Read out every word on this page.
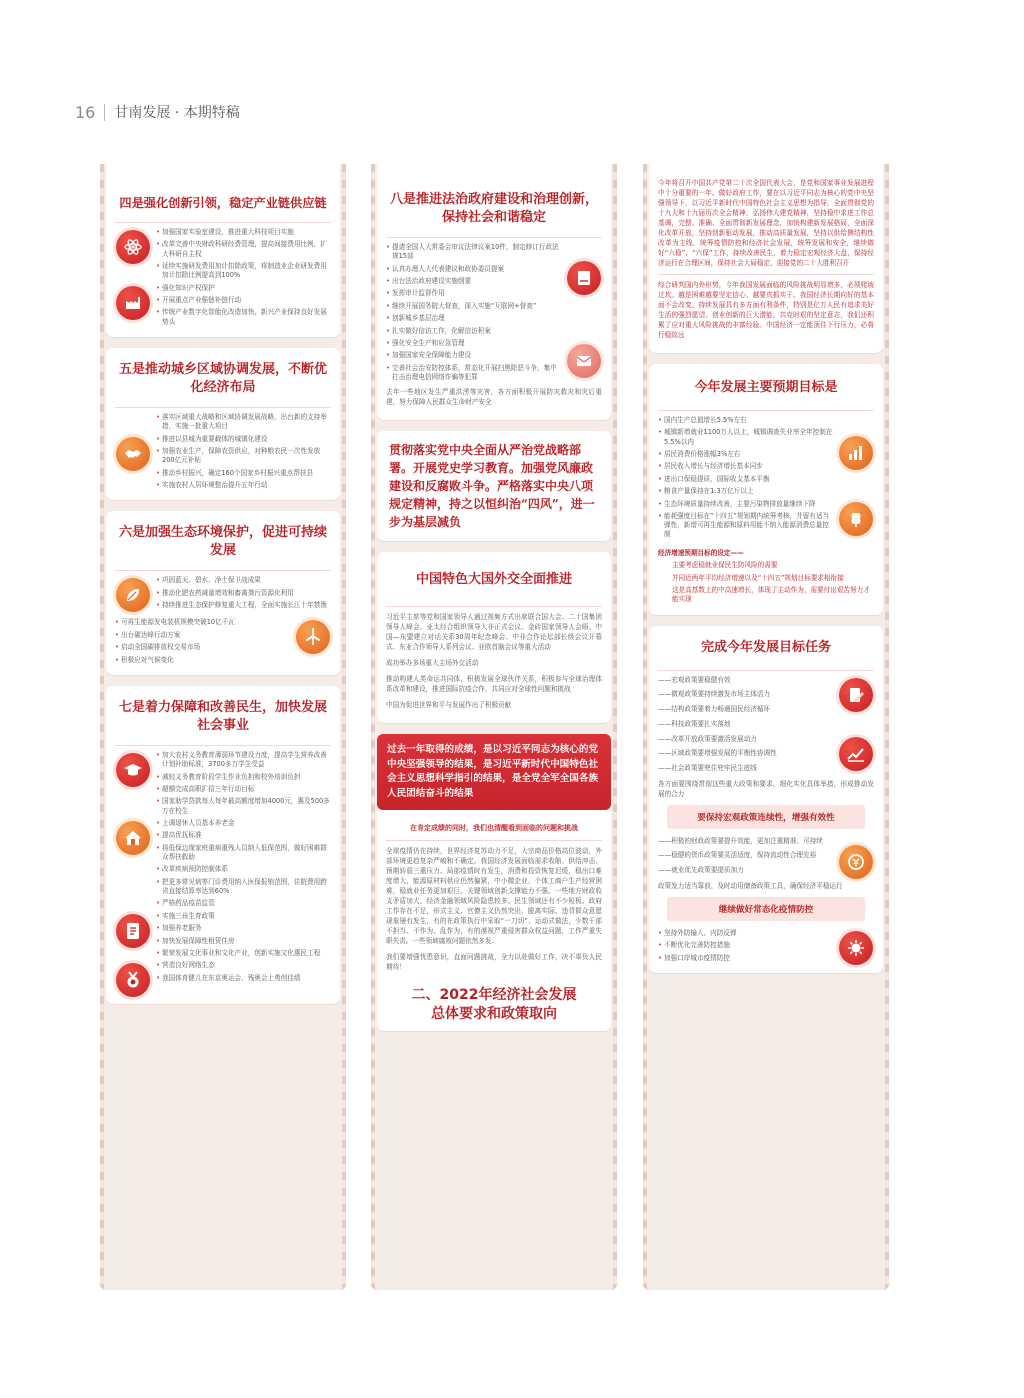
16 甘南发展 · 本期特稿
四是强化创新引领，稳定产业链供应链
• 加强国家实验室建设，推进重大科技项目实施
• 改革完善中央财政科研经费管理，提高间接费用比例，扩大科研自主权
• 延续实施研发费用加计扣除政策，将制造业企业研发费用加计扣除比例提高到100%
• 强化知识产权保护
• 开展重点产业强链补链行动
• 传统产业数字化智能化改造加快，新兴产业保持良好发展势头
五是推动城乡区域协调发展，不断优化经济布局
• 落实区域重大战略和区域协调发展战略，出台新的支持举措，实施一批重大项目
• 推进以县城为重要载体的城镇化建设
• 加强农业生产，保障农资供应，对种粮农民一次性发放200亿元补贴
• 推动乡村振兴，确定160个国家乡村振兴重点帮扶县
• 实施农村人居环境整治提升五年行动
六是加强生态环境保护，促进可持续发展
• 巩固蓝天、碧水、净土保卫战成果
• 推动化肥农药减量增效和畜禽粪污资源化利用
• 持续推进生态保护修复重大工程，全面实施长江十年禁渔
• 可再生能源发电装机规模突破10亿千瓦
• 出台碳达峰行动方案
• 启动全国碳排放权交易市场
• 积极应对气候变化
七是着力保障和改善民生，加快发展社会事业
• 加大农村义务教育薄弱环节建设力度，提高学生营养改善计划补助标准，3700多万学生受益
• 减轻义务教育阶段学生作业负担和校外培训负担
• 超额完成高职扩招三年行动目标
• 国家助学贷款每人每年最高额度增加4000元，惠及500多万在校生
• 上调退休人员基本养老金
• 提高优抚标准
• 将低保边缘家庭重病重残人员纳入低保范围，做好困难群众帮扶救助
• 改革疾病预防控制体系
• 把更多常见病等门诊费用纳入医保报销范围，住院费用跨省直接结算率达到60%
• 严格药品疫苗监管
• 实施三孩生育政策
• 加强养老服务
• 加快发展保障性租赁住房
• 繁荣发展文化事业和文化产业，创新实施文化惠民工程
• 营造良好网络生态
• 我国体育健儿在东京奥运会、残奥会上勇创佳绩
八是推进法治政府建设和治理创新，保持社会和谐稳定
• 提请全国人大常委会审议法律议案10件，制定修订行政法规15部
• 认真办理人大代表建议和政协委员提案
• 出台法治政府建设实施纲要
• 发挥审计监督作用
• 继续开展国务院大督查，深入实施“互联网+督查”
• 创新城乡基层治理
• 扎实做好信访工作，化解信访积案
• 强化安全生产和应急管理
• 加强国家安全保障能力建设
• 完善社会治安防控体系，常态化开展扫黑除恶斗争，集中打击治理电信网络诈骗等犯罪
去年一些地区发生严重洪涝等灾害，各方面积极开展防灾救灾和灾后重建，努力保障人民群众生命财产安全
贯彻落实党中央全面从严治党战略部署。开展党史学习教育。加强党风廉政建设和反腐败斗争。严格落实中央八项规定精神，持之以恒纠治“四风”，进一步为基层减负
中国特色大国外交全面推进
习近平主席等党和国家领导人通过视频方式出席联合国大会、二十国集团领导人峰会、亚太经合组织领导人非正式会议、金砖国家领导人会晤、中国—东盟建立对话关系30周年纪念峰会、中非合作论坛部长级会议开幕式、东亚合作领导人系列会议、亚欧首脑会议等重大活动
成功举办多场重大主场外交活动
推动构建人类命运共同体，积极发展全球伙伴关系，积极参与全球治理体系改革和建设，推进国际抗疫合作，共同应对全球性问题和挑战
中国为促进世界和平与发展作出了积极贡献
过去一年取得的成绩，是以习近平同志为核心的党中央坚强领导的结果，是习近平新时代中国特色社会主义思想科学指引的结果，是全党全军全国各族人民团结奋斗的结果
在肯定成绩的同时，我们也清醒看到面临的问题和挑战
全球疫情仍在持续，世界经济复苏动力不足，大宗商品价格高位波动，外部环境更趋复杂严峻和不确定。我国经济发展面临需求收缩、供给冲击、预期转弱三重压力。局部疫情时有发生，消费和投资恢复迟缓，稳出口难度增大，能源原材料供应仍然偏紧，中小微企业、个体工商户生产经营困难，稳就业任务更加艰巨。关键领域创新支撑能力不强。一些地方财政收支矛盾加大，经济金融领域风险隐患较多。民生领域还有不少短板。政府工作存在不足，形式主义、官僚主义仍然突出，脱离实际、违背群众意愿现象屡有发生，有的在政策执行中采取“一刀切”、运动式做法，少数干部不担当、不作为、乱作为，有的漠视严重侵害群众权益问题，工作严重失职失责。一些领域腐败问题依然多发。
我们要增强忧患意识，直面问题挑战，全力以赴做好工作，决不辜负人民期待！
二、2022年经济社会发展
总体要求和政策取向
今年将召开中国共产党第二十次全国代表大会，是党和国家事业发展进程中十分重要的一年。做好政府工作，要在以习近平同志为核心的党中央坚强领导下，以习近平新时代中国特色社会主义思想为指导，全面贯彻党的十九大和十九届历次全会精神，弘扬伟大建党精神，坚持稳中求进工作总基调，完整、准确、全面贯彻新发展理念，加快构建新发展格局，全面深化改革开放，坚持创新驱动发展，推动高质量发展，坚持以供给侧结构性改革为主线，统筹疫情防控和经济社会发展，统筹发展和安全，继续做好“六稳”、“六保”工作，持续改善民生，着力稳定宏观经济大盘，保持经济运行在合理区间，保持社会大局稳定，迎接党的二十大胜利召开
综合研判国内外形势，今年我国发展面临的风险挑战明显增多，必须爬坡过坎。越是困难越要坚定信心、越要真抓实干。我国经济长期向好的基本面不会改变，持续发展具有多方面有利条件，特别是亿万人民有追求美好生活的强烈愿望、创业创新的巨大潜能，共克时艰的坚定意志，我们还积累了应对重大风险挑战的丰富经验。中国经济一定能顶住下行压力，必将行稳致远
今年发展主要预期目标是
• 国内生产总值增长5.5%左右
• 城镇新增就业1100万人以上，城镇调查失业率全年控制在5.5%以内
• 居民消费价格涨幅3%左右
• 居民收入增长与经济增长基本同步
• 进出口保稳提质，国际收支基本平衡
• 粮食产量保持在1.3万亿斤以上
• 生态环境质量持续改善，主要污染物排放量继续下降
• 能耗强度目标在“十四五”规划期内统筹考核，并留有适当弹性，新增可再生能源和原料用能不纳入能源消费总量控制
经济增速预期目标的设定——
主要考虑稳就业保民生防风险的需要
并同近两年平均经济增速以及“十四五”规划目标要求相衔接
这是高基数上的中高速增长，体现了主动作为，需要付出艰苦努力才能实现
完成今年发展目标任务
——宏观政策要稳健有效
——微观政策要持续激发市场主体活力
——结构政策要着力畅通国民经济循环
——科技政策要扎实落地
——改革开放政策要激活发展动力
——区域政策要增强发展的平衡性协调性
——社会政策要兜住兜牢民生底线
各方面要围绕贯彻这些重大政策和要求，细化实化具体举措，形成推动发展的合力
要保持宏观政策连续性，增强有效性
——积极的财政政策要提升效能，更加注重精准、可持续
——稳健的货币政策要灵活适度，保持流动性合理充裕
——就业优先政策要提质加力
政策发力适当靠前，及时动用储备政策工具，确保经济平稳运行
继续做好常态化疫情防控
• 坚持外防输入、内防反弹
• 不断优化完善防控措施
• 加强口岸城市疫情防控
